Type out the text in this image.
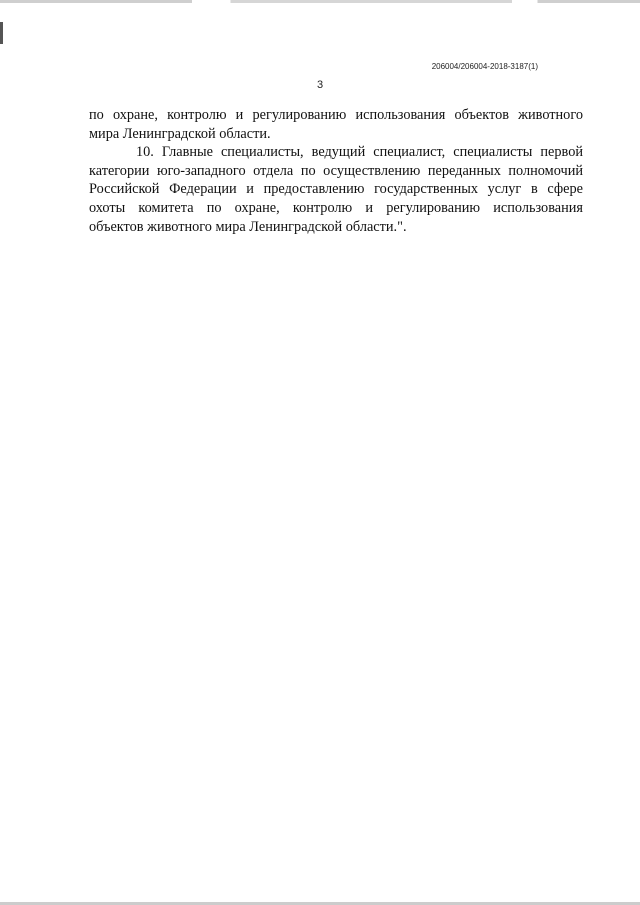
206004/206004-2018-3187(1)
3
по охране, контролю и регулированию использования объектов животного
мира Ленинградской области.
10. Главные специалисты, ведущий специалист, специалисты первой
категории юго-западного отдела по осуществлению переданных полномочий
Российской Федерации и предоставлению государственных услуг в сфере
охоты комитета по охране, контролю и регулированию использования
объектов животного мира Ленинградской области.".
